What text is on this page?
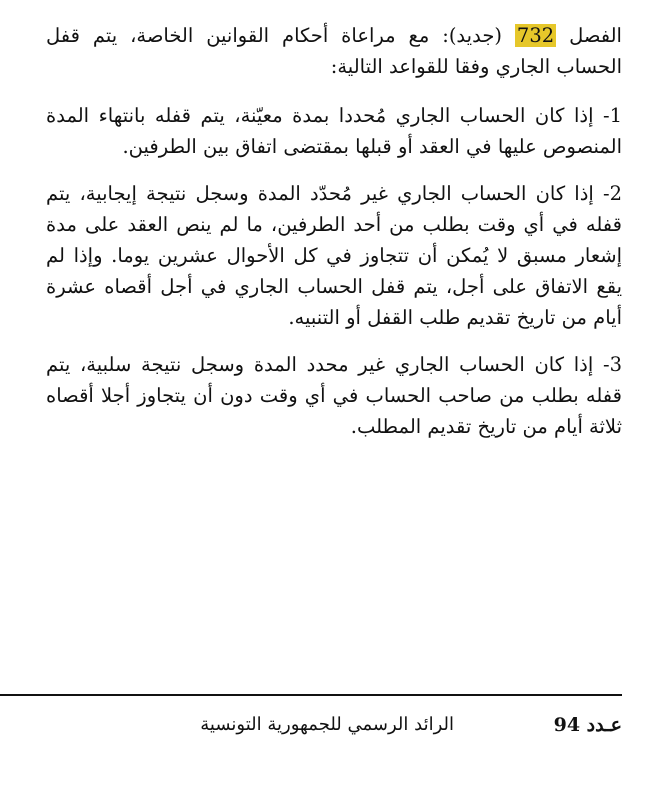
الفصل 732 (جديد): مع مراعاة أحكام القوانين الخاصة، يتم قفل الحساب الجاري وفقا للقواعد التالية:

1- إذا كان الحساب الجاري مُحددا بمدة معيّنة، يتم قفله بانتهاء المدة المنصوص عليها في العقد أو قبلها بمقتضى اتفاق بين الطرفين.

2- إذا كان الحساب الجاري غير مُحدّد المدة وسجل نتيجة إيجابية، يتم قفله في أي وقت بطلب من أحد الطرفين، ما لم ينص العقد على مدة إشعار مسبق لا يُمكن أن تتجاوز في كل الأحوال عشرين يوما. وإذا لم يقع الاتفاق على أجل، يتم قفل الحساب الجاري في أجل أقصاه عشرة أيام من تاريخ تقديم طلب القفل أو التنبيه.

3- إذا كان الحساب الجاري غير محدد المدة وسجل نتيجة سلبية، يتم قفله بطلب من صاحب الحساب في أي وقت دون أن يتجاوز أجلا أقصاه ثلاثة أيام من تاريخ تقديم المطلب.

عـدد 94
الرائد الرسمي للجمهورية التونسية
